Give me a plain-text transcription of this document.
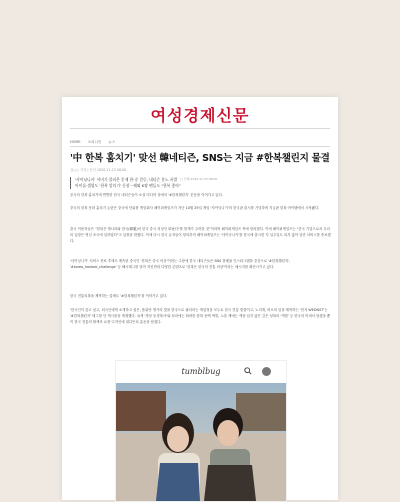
여성경제신문
HOME 오피니언 뉴스
'中 한복 훔치기' 맞선 韓네티즌, SNS는 지금 #한복챌린지 물결
김○○ 기자 | 승인 2020.11.23 08:00
'샤이닝니키' 서비기 불러온 문제 한·중 갈등, 네티즌 분노 폭발
아이돌·셀럽도 '한복 알리기' 동참···해외 K팝 팬들도 "한복 좋아"
□ 인쇄 2020.11.23 08:00
중국의 한복 훔치기에 반발한 한국 네티즌들이 소셜 미디어 상에서 '#한복챌린지' 운동을 이어가고 있다.
중국의 한복 문화 훔치기 논란은 중국에 단위를 게임회사 페이퍼게임즈가 지난 10월 29일 게임 '샤이닝니키'의 한국판 출시를 기념하며 지금판 한복 아이템에서 시작됐다.
출국 이용자들은 "한복은 명나라와 한국(韓服)의 한국 중국 의상인 떠났다"를 틀게가 주어한 것"이라며 페이퍼게임즈 측에 항의했다. 이에 페이퍼게임즈는 "중국 기업으로서 우리의 입장은 명심 조국에 입하였다"고 입장을 밝혔다. 이에 다시 한국 유저들이 항의하자 페이퍼게임즈는 '샤이닝니키'를 한국에 출시한 지 일주일도 되지 않아 일단 서비스를 종료했다.
'샤이닝니키' 서비스 종료 후에도 계속된 중국인 '한복은 중국 의상'이라는 주장에 한국 네티즌들은 SNS 플랫폼 인스타그램을 중심으로 '#한복챌린지', '#korea_hanbok_challenge' 등 해시태그를 달아 자신만의 다양한 콘텐츠로 '한복은 한국의 전통 의상'이라는 메시지를 확산시키고 있다.
한국 전통의복을 제작하는 업체도 '#한복챌린지'를 이어가고 있다.
'한국인이 갖고 싶고, 외국인에게 소개하고 싶은, 품위만 명가의 맛을 한국으로 필리라는 개업정을 모두로 한국 전통 빛깔이고, 노리개, 버르의 일을 제작하는 '한지 WEDNST'는 '#한복챌린지' 태그를 단 게시물을 게재했다. 옥색 '경상 동경복사'와 치마에는 화려한 한복 동백 색깔, 노을 계에는 색을 입지 않은 깊은 성복의 '색깔' 등 한국의 미에서 담겼을 뿐이 한국 전통의 탈색조 요를 디자인에 내디뜬치 효음을 담겼다.
tumblbug
